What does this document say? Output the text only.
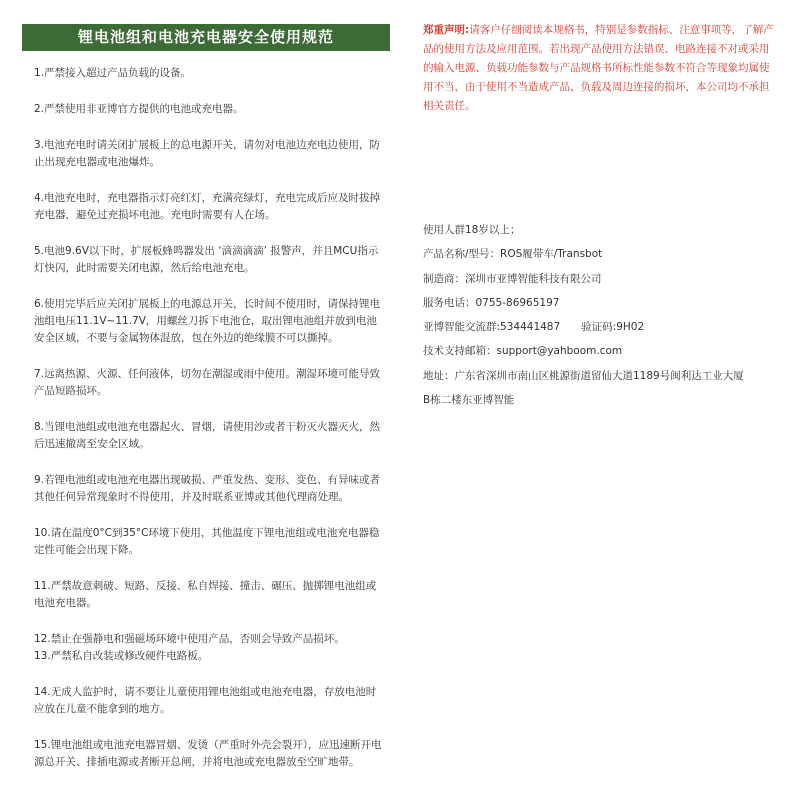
锂电池组和电池充电器安全使用规范

1.严禁接入超过产品负载的设备。

2.严禁使用非亚博官方提供的电池或充电器。

3.电池充电时请关闭扩展板上的总电源开关，请勿对电池边充电边使用，防止出现充电器或电池爆炸。

4.电池充电时，充电器指示灯亮红灯，充满亮绿灯，充电完成后应及时拔掉充电器，避免过充损坏电池。充电时需要有人在场。

5.电池9.6V以下时，扩展板蜂鸣器发出 ‘滴滴滴滴’ 报警声，并且MCU指示灯快闪，此时需要关闭电源，然后给电池充电。

6.使用完毕后应关闭扩展板上的电源总开关，长时间不使用时，请保持锂电池组电压11.1V~11.7V，用螺丝刀拆下电池仓，取出锂电池组并放到电池安全区域，不要与金属物体混放，包在外边的绝缘膜不可以撕掉。

7.远离热源、火源、任何液体，切勿在潮湿或雨中使用。潮湿环境可能导致产品短路损坏。

8.当锂电池组或电池充电器起火、冒烟，请使用沙或者干粉灭火器灭火，然后迅速撤离至安全区域。

9.若锂电池组或电池充电器出现破损、严重发热、变形、变色、有异味或者其他任何异常现象时不得使用，并及时联系亚博或其他代理商处理。

10.请在温度0°C到35°C环境下使用，其他温度下锂电池组或电池充电器稳定性可能会出现下降。

11.严禁故意刺破、短路、反接、私自焊接、撞击、碾压、抛掷锂电池组或电池充电器。

12.禁止在强静电和强磁场环境中使用产品，否则会导致产品损坏。

13.严禁私自改装或修改硬件电路板。

14.无成人监护时，请不要让儿童使用锂电池组或电池充电器，存放电池时应放在儿童不能拿到的地方。

15.锂电池组或电池充电器冒烟、发烫（严重时外壳会裂开），应迅速断开电源总开关、排插电源或者断开总闸，并将电池或充电器放至空旷地带。

郑重声明:请客户仔细阅读本规格书，特别是参数指标、注意事项等，了解产品的使用方法及应用范围。若出现产品使用方法错误、电路连接不对或采用的输入电源、负载功能参数与产品规格书所标性能参数不符合等现象均属使用不当，由于使用不当造成产品、负载及周边连接的损坏，本公司均不承担相关责任。

使用人群18岁以上；

产品名称/型号：ROS履带车/Transbot

制造商：深圳市亚博智能科技有限公司

服务电话：0755-86965197

亚博智能交流群:534441487　　验证码:9H02

技术支持邮箱：support@yahboom.com

地址：广东省深圳市南山区桃源街道留仙大道1189号闽利达工业大厦

B栋二楼东亚博智能
